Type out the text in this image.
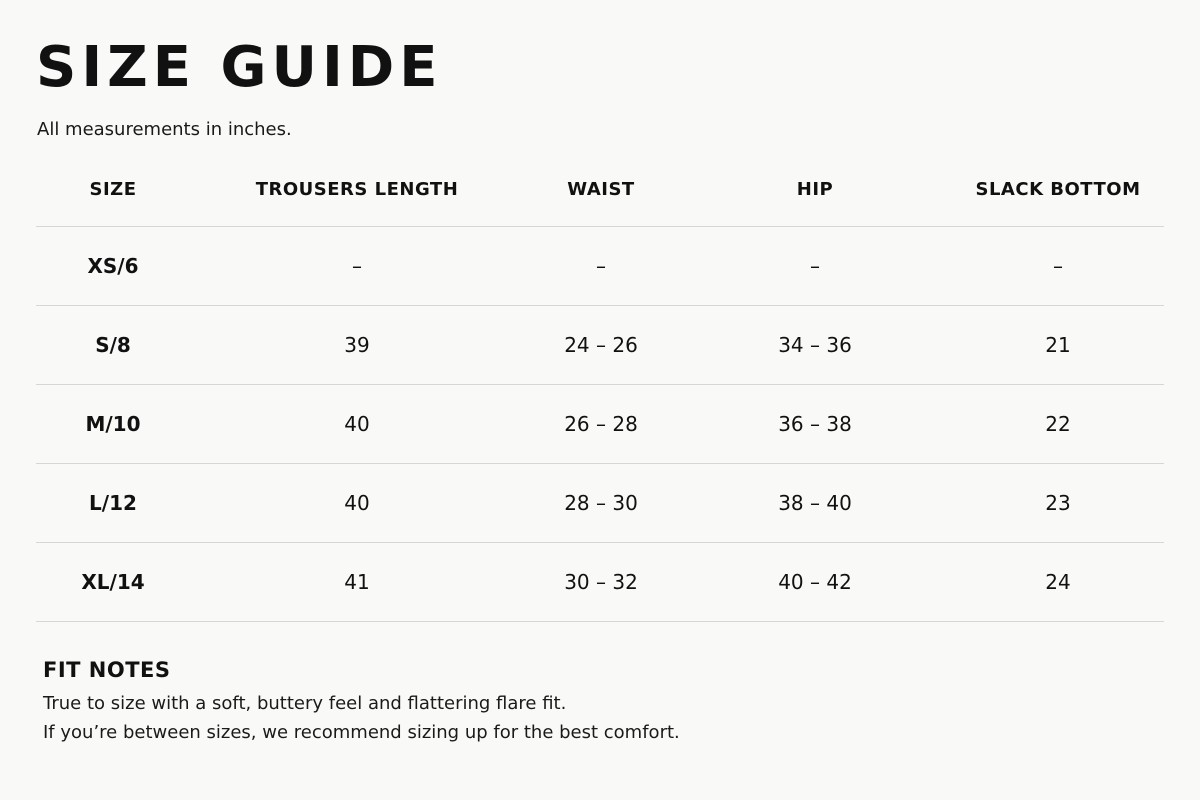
SIZE GUIDE

All measurements in inches.

SIZE	TROUSERS LENGTH	WAIST	HIP	SLACK BOTTOM
XS/6	–	–	–	–
S/8	39	24 – 26	34 – 36	21
M/10	40	26 – 28	36 – 38	22
L/12	40	28 – 30	38 – 40	23
XL/14	41	30 – 32	40 – 42	24
FIT NOTES

True to size with a soft, buttery feel and flattering flare fit.

If you’re between sizes, we recommend sizing up for the best comfort.
